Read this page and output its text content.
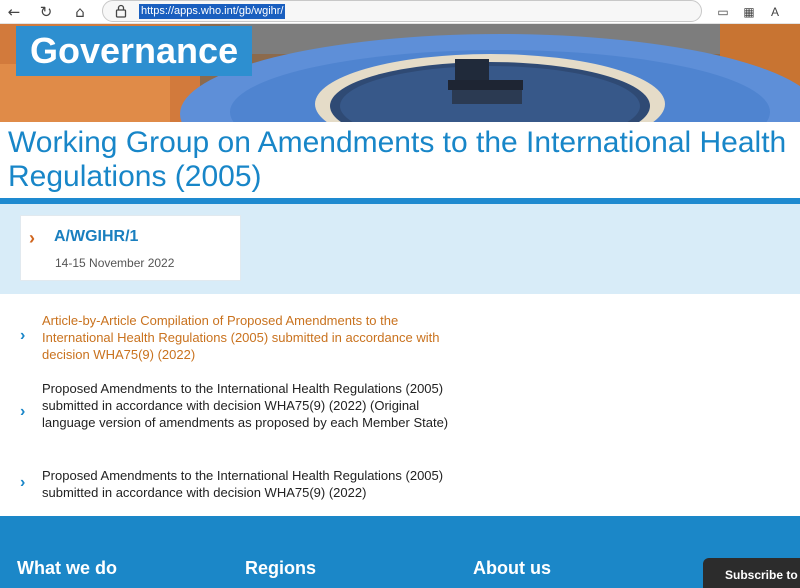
← ↻	⌂	https://apps.who.int/gb/wgihr/	▭ ▦	A
Governance
Working Group on Amendments to the International Health Regulations (2005)
› A/WGIHR/1
14-15 November 2022
›
Article-by-Article Compilation of Proposed Amendments to the International Health Regulations (2005) submitted in accordance with decision WHA75(9) (2022)
›
Proposed Amendments to the International Health Regulations (2005) submitted in accordance with decision WHA75(9) (2022) (Original language version of amendments as proposed by each Member State)
› Proposed Amendments to the International Health Regulations (2005) submitted in accordance with decision WHA75(9) (2022)
What we do	Regions	About us	Subscribe to
